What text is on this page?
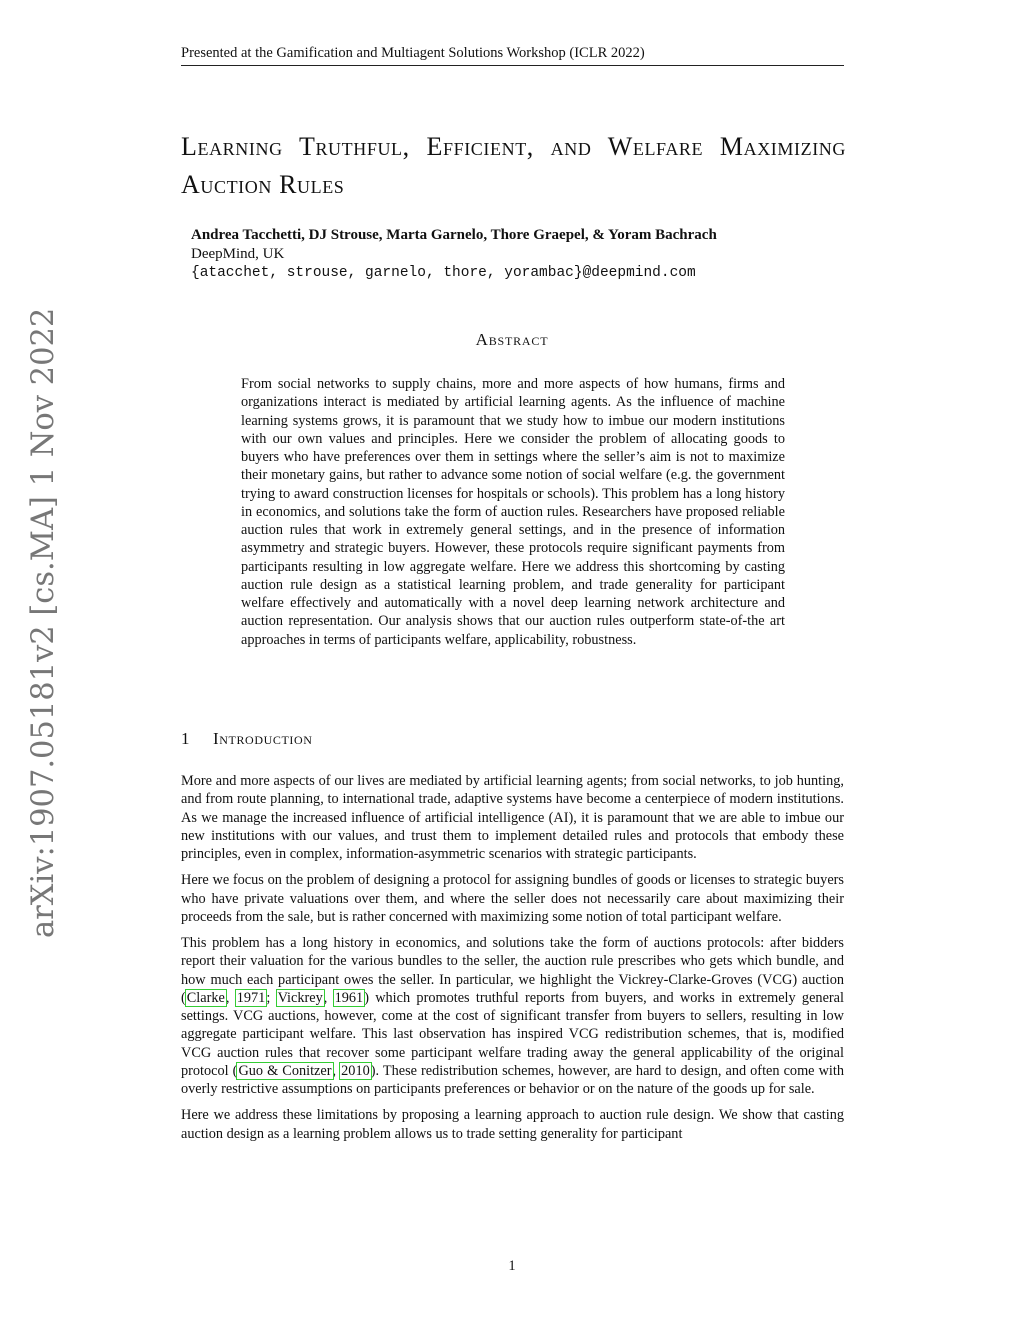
Presented at the Gamification and Multiagent Solutions Workshop (ICLR 2022)
Learning Truthful, Efficient, and Welfare Maximizing Auction Rules
Andrea Tacchetti, DJ Strouse, Marta Garnelo, Thore Graepel, & Yoram Bachrach
DeepMind, UK
{atacchet, strouse, garnelo, thore, yorambac}@deepmind.com
Abstract
From social networks to supply chains, more and more aspects of how humans, firms and organizations interact is mediated by artificial learning agents. As the influence of machine learning systems grows, it is paramount that we study how to imbue our modern institutions with our own values and principles. Here we consider the problem of allocating goods to buyers who have preferences over them in settings where the seller’s aim is not to maximize their monetary gains, but rather to advance some notion of social welfare (e.g. the government trying to award construction licenses for hospitals or schools). This problem has a long history in economics, and solutions take the form of auction rules. Researchers have proposed reliable auction rules that work in extremely general settings, and in the presence of information asymmetry and strategic buyers. However, these protocols require significant payments from participants resulting in low aggregate welfare. Here we address this shortcoming by casting auction rule design as a statistical learning problem, and trade generality for participant welfare effectively and automatically with a novel deep learning network architecture and auction representation. Our analysis shows that our auction rules outperform state-of-the art approaches in terms of participants welfare, applicability, robustness.
1 Introduction

More and more aspects of our lives are mediated by artificial learning agents; from social networks, to job hunting, and from route planning, to international trade, adaptive systems have become a centerpiece of modern institutions. As we manage the increased influence of artificial intelligence (AI), it is paramount that we are able to imbue our new institutions with our values, and trust them to implement detailed rules and protocols that embody these principles, even in complex, information-asymmetric scenarios with strategic participants.

Here we focus on the problem of designing a protocol for assigning bundles of goods or licenses to strategic buyers who have private valuations over them, and where the seller does not necessarily care about maximizing their proceeds from the sale, but is rather concerned with maximizing some notion of total participant welfare.

This problem has a long history in economics, and solutions take the form of auctions protocols: after bidders report their valuation for the various bundles to the seller, the auction rule prescribes who gets which bundle, and how much each participant owes the seller. In particular, we highlight the Vickrey-Clarke-Groves (VCG) auction (Clarke, 1971; Vickrey, 1961) which promotes truthful reports from buyers, and works in extremely general settings. VCG auctions, however, come at the cost of significant transfer from buyers to sellers, resulting in low aggregate participant welfare. This last observation has inspired VCG redistribution schemes, that is, modified VCG auction rules that recover some participant welfare trading away the general applicability of the original protocol (Guo & Conitzer, 2010). These redistribution schemes, however, are hard to design, and often come with overly restrictive assumptions on participants preferences or behavior or on the nature of the goods up for sale.

Here we address these limitations by proposing a learning approach to auction rule design. We show that casting auction design as a learning problem allows us to trade setting generality for participant

1
arXiv:1907.05181v2 [cs.MA] 1 Nov 2022
